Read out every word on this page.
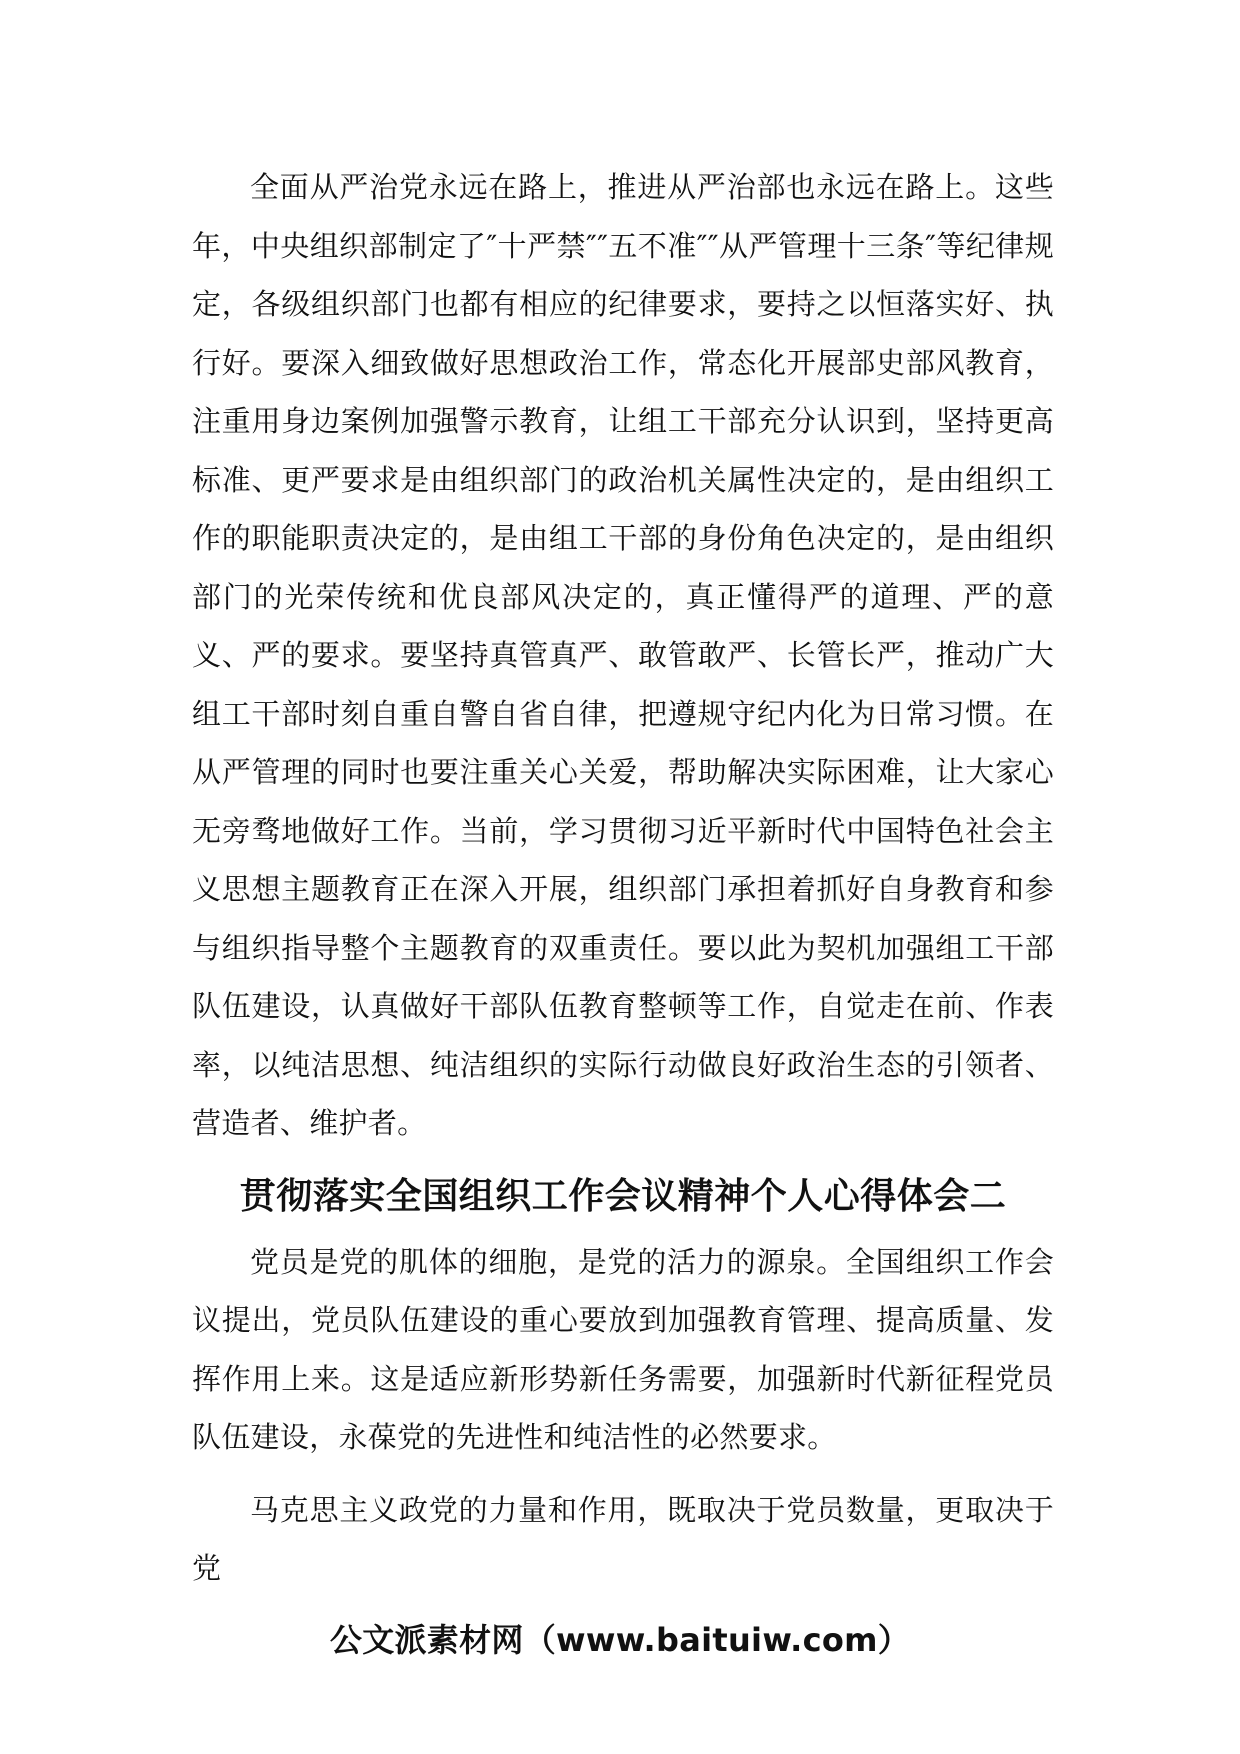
全面从严治党永远在路上，推进从严治部也永远在路上。这些年，中央组织部制定了″十严禁″″五不准″″从严管理十三条″等纪律规定，各级组织部门也都有相应的纪律要求，要持之以恒落实好、执行好。要深入细致做好思想政治工作，常态化开展部史部风教育，注重用身边案例加强警示教育，让组工干部充分认识到，坚持更高标准、更严要求是由组织部门的政治机关属性决定的，是由组织工作的职能职责决定的，是由组工干部的身份角色决定的，是由组织部门的光荣传统和优良部风决定的，真正懂得严的道理、严的意义、严的要求。要坚持真管真严、敢管敢严、长管长严，推动广大组工干部时刻自重自警自省自律，把遵规守纪内化为日常习惯。在从严管理的同时也要注重关心关爱，帮助解决实际困难，让大家心无旁骛地做好工作。当前，学习贯彻习近平新时代中国特色社会主义思想主题教育正在深入开展，组织部门承担着抓好自身教育和参与组织指导整个主题教育的双重责任。要以此为契机加强组工干部队伍建设，认真做好干部队伍教育整顿等工作，自觉走在前、作表率，以纯洁思想、纯洁组织的实际行动做良好政治生态的引领者、营造者、维护者。

贯彻落实全国组织工作会议精神个人心得体会二

党员是党的肌体的细胞，是党的活力的源泉。全国组织工作会议提出，党员队伍建设的重心要放到加强教育管理、提高质量、发挥作用上来。这是适应新形势新任务需要，加强新时代新征程党员队伍建设，永葆党的先进性和纯洁性的必然要求。

马克思主义政党的力量和作用，既取决于党员数量，更取决于党

公文派素材网（www.baituiw.com）
